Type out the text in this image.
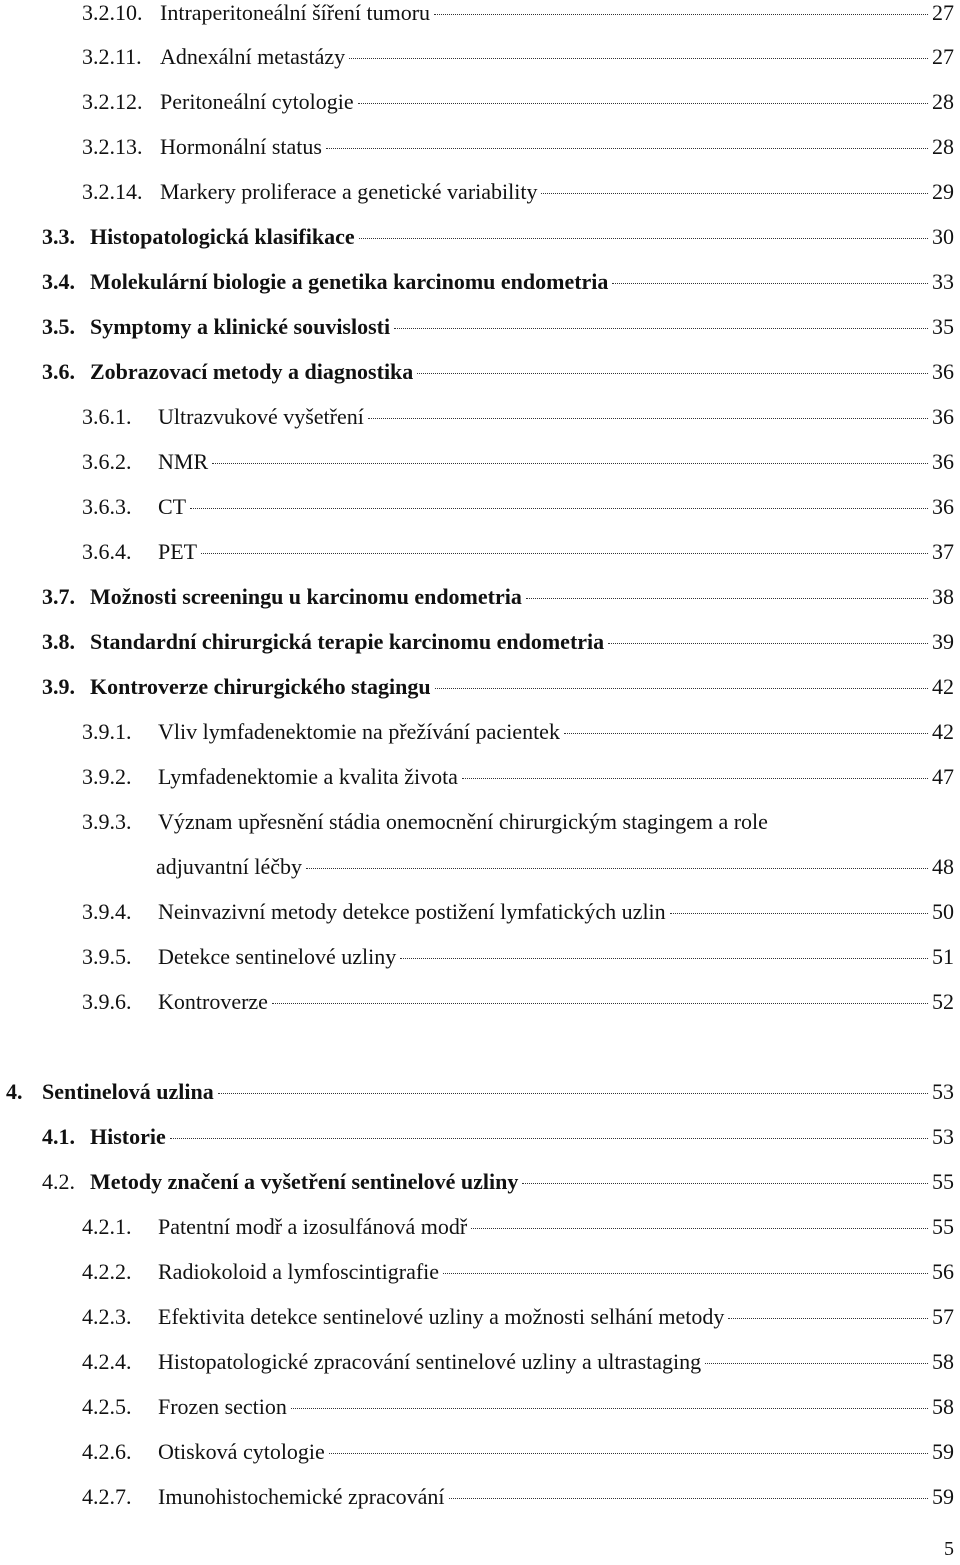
3.2.10. Intraperitoneální šíření tumoru	27
3.2.11. Adnexální metastázy	27
3.2.12. Peritoneální cytologie	28
3.2.13. Hormonální status	28
3.2.14. Markery proliferace a genetické variability	29
3.3. Histopatologická klasifikace	30
3.4. Molekulární biologie a genetika karcinomu endometria	33
3.5. Symptomy a klinické souvislosti	35
3.6. Zobrazovací metody a diagnostika	36
3.6.1.	Ultrazvukové vyšetření	36
3.6.2.	NMR	36
3.6.3.	CT	36
3.6.4.	PET	37
3.7. Možnosti screeningu u karcinomu endometria	38
3.8. Standardní chirurgická terapie karcinomu endometria	39
3.9. Kontroverze chirurgického stagingu	42
3.9.1.	Vliv lymfadenektomie na přežívání pacientek	42
3.9.2.	Lymfadenektomie a kvalita života	47
3.9.3.	Význam upřesnění stádia onemocnění chirurgickým stagingem a role
adjuvantní léčby	48
3.9.4.	Neinvazivní metody detekce postižení lymfatických uzlin	50
3.9.5.	Detekce sentinelové uzliny	51
3.9.6.	Kontroverze	52
4. Sentinelová uzlina	53
4.1. Historie	53
4.2. Metody značení a vyšetření sentinelové uzliny	55
4.2.1.	Patentní modř a izosulfánová modř	55
4.2.2.	Radiokoloid a lymfoscintigrafie	56
4.2.3.	Efektivita detekce sentinelové uzliny a možnosti selhání metody	57
4.2.4.	Histopatologické zpracování sentinelové uzliny a ultrastaging	58
4.2.5.	Frozen section	58
4.2.6.	Otisková cytologie	59
4.2.7.	Imunohistochemické zpracování	59
5
